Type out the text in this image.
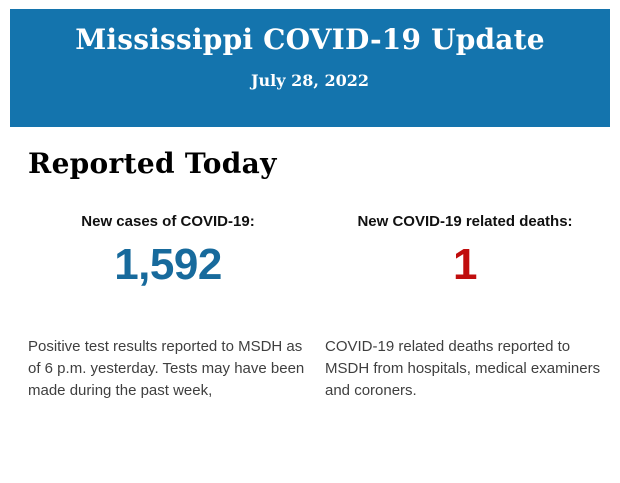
Mississippi COVID-19 Update
July 28, 2022
Reported Today
New cases of COVID-19:
1,592

Positive test results reported to MSDH as of 6 p.m. yesterday. Tests may have been made during the past week,

New COVID-19 related deaths:
1

COVID-19 related deaths reported to MSDH from hospitals, medical examiners and coroners.
